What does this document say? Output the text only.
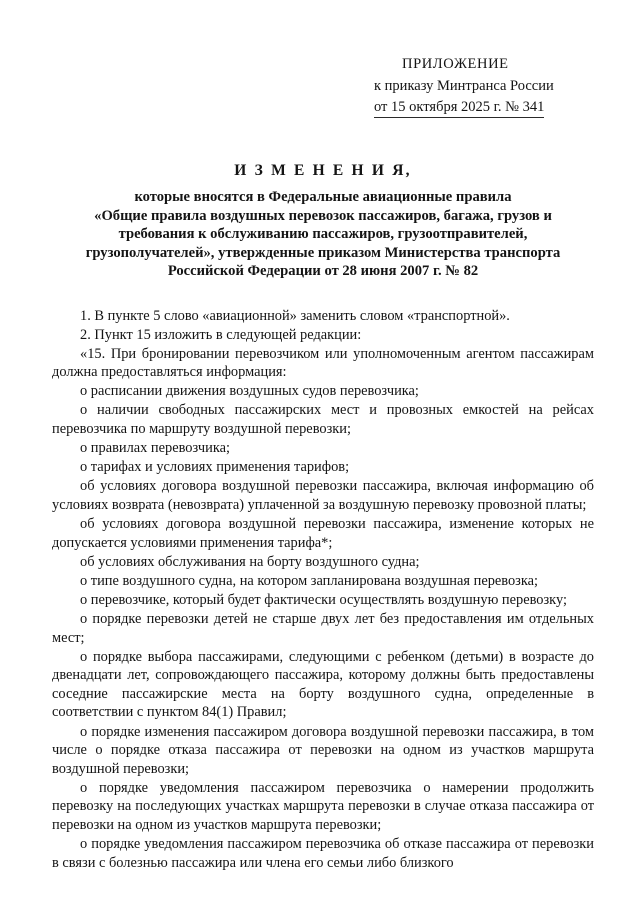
ПРИЛОЖЕНИЕ
к приказу Минтранса России
от 15 октября 2025 г. № 341
И З М Е Н Е Н И Я,
которые вносятся в Федеральные авиационные правила
«Общие правила воздушных перевозок пассажиров, багажа, грузов и
требования к обслуживанию пассажиров, грузоотправителей,
грузополучателей», утвержденные приказом Министерства транспорта
Российской Федерации от 28 июня 2007 г. № 82

1. В пункте 5 слово «авиационной» заменить словом «транспортной».

2. Пункт 15 изложить в следующей редакции:

«15. При бронировании перевозчиком или уполномоченным агентом пассажирам должна предоставляться информация:

о расписании движения воздушных судов перевозчика;

о наличии свободных пассажирских мест и провозных емкостей на рейсах перевозчика по маршруту воздушной перевозки;

о правилах перевозчика;

о тарифах и условиях применения тарифов;

об условиях договора воздушной перевозки пассажира, включая информацию об условиях возврата (невозврата) уплаченной за воздушную перевозку провозной платы;

об условиях договора воздушной перевозки пассажира, изменение которых не допускается условиями применения тарифа*;

об условиях обслуживания на борту воздушного судна;

о типе воздушного судна, на котором запланирована воздушная перевозка;

о перевозчике, который будет фактически осуществлять воздушную перевозку;

о порядке перевозки детей не старше двух лет без предоставления им отдельных мест;

о порядке выбора пассажирами, следующими с ребенком (детьми) в возрасте до двенадцати лет, сопровождающего пассажира, которому должны быть предоставлены соседние пассажирские места на борту воздушного судна, определенные в соответствии с пунктом 84(1) Правил;

о порядке изменения пассажиром договора воздушной перевозки пассажира, в том числе о порядке отказа пассажира от перевозки на одном из участков маршрута воздушной перевозки;

о порядке уведомления пассажиром перевозчика о намерении продолжить перевозку на последующих участках маршрута перевозки в случае отказа пассажира от перевозки на одном из участков маршрута перевозки;

о порядке уведомления пассажиром перевозчика об отказе пассажира от перевозки в связи с болезнью пассажира или члена его семьи либо близкого
